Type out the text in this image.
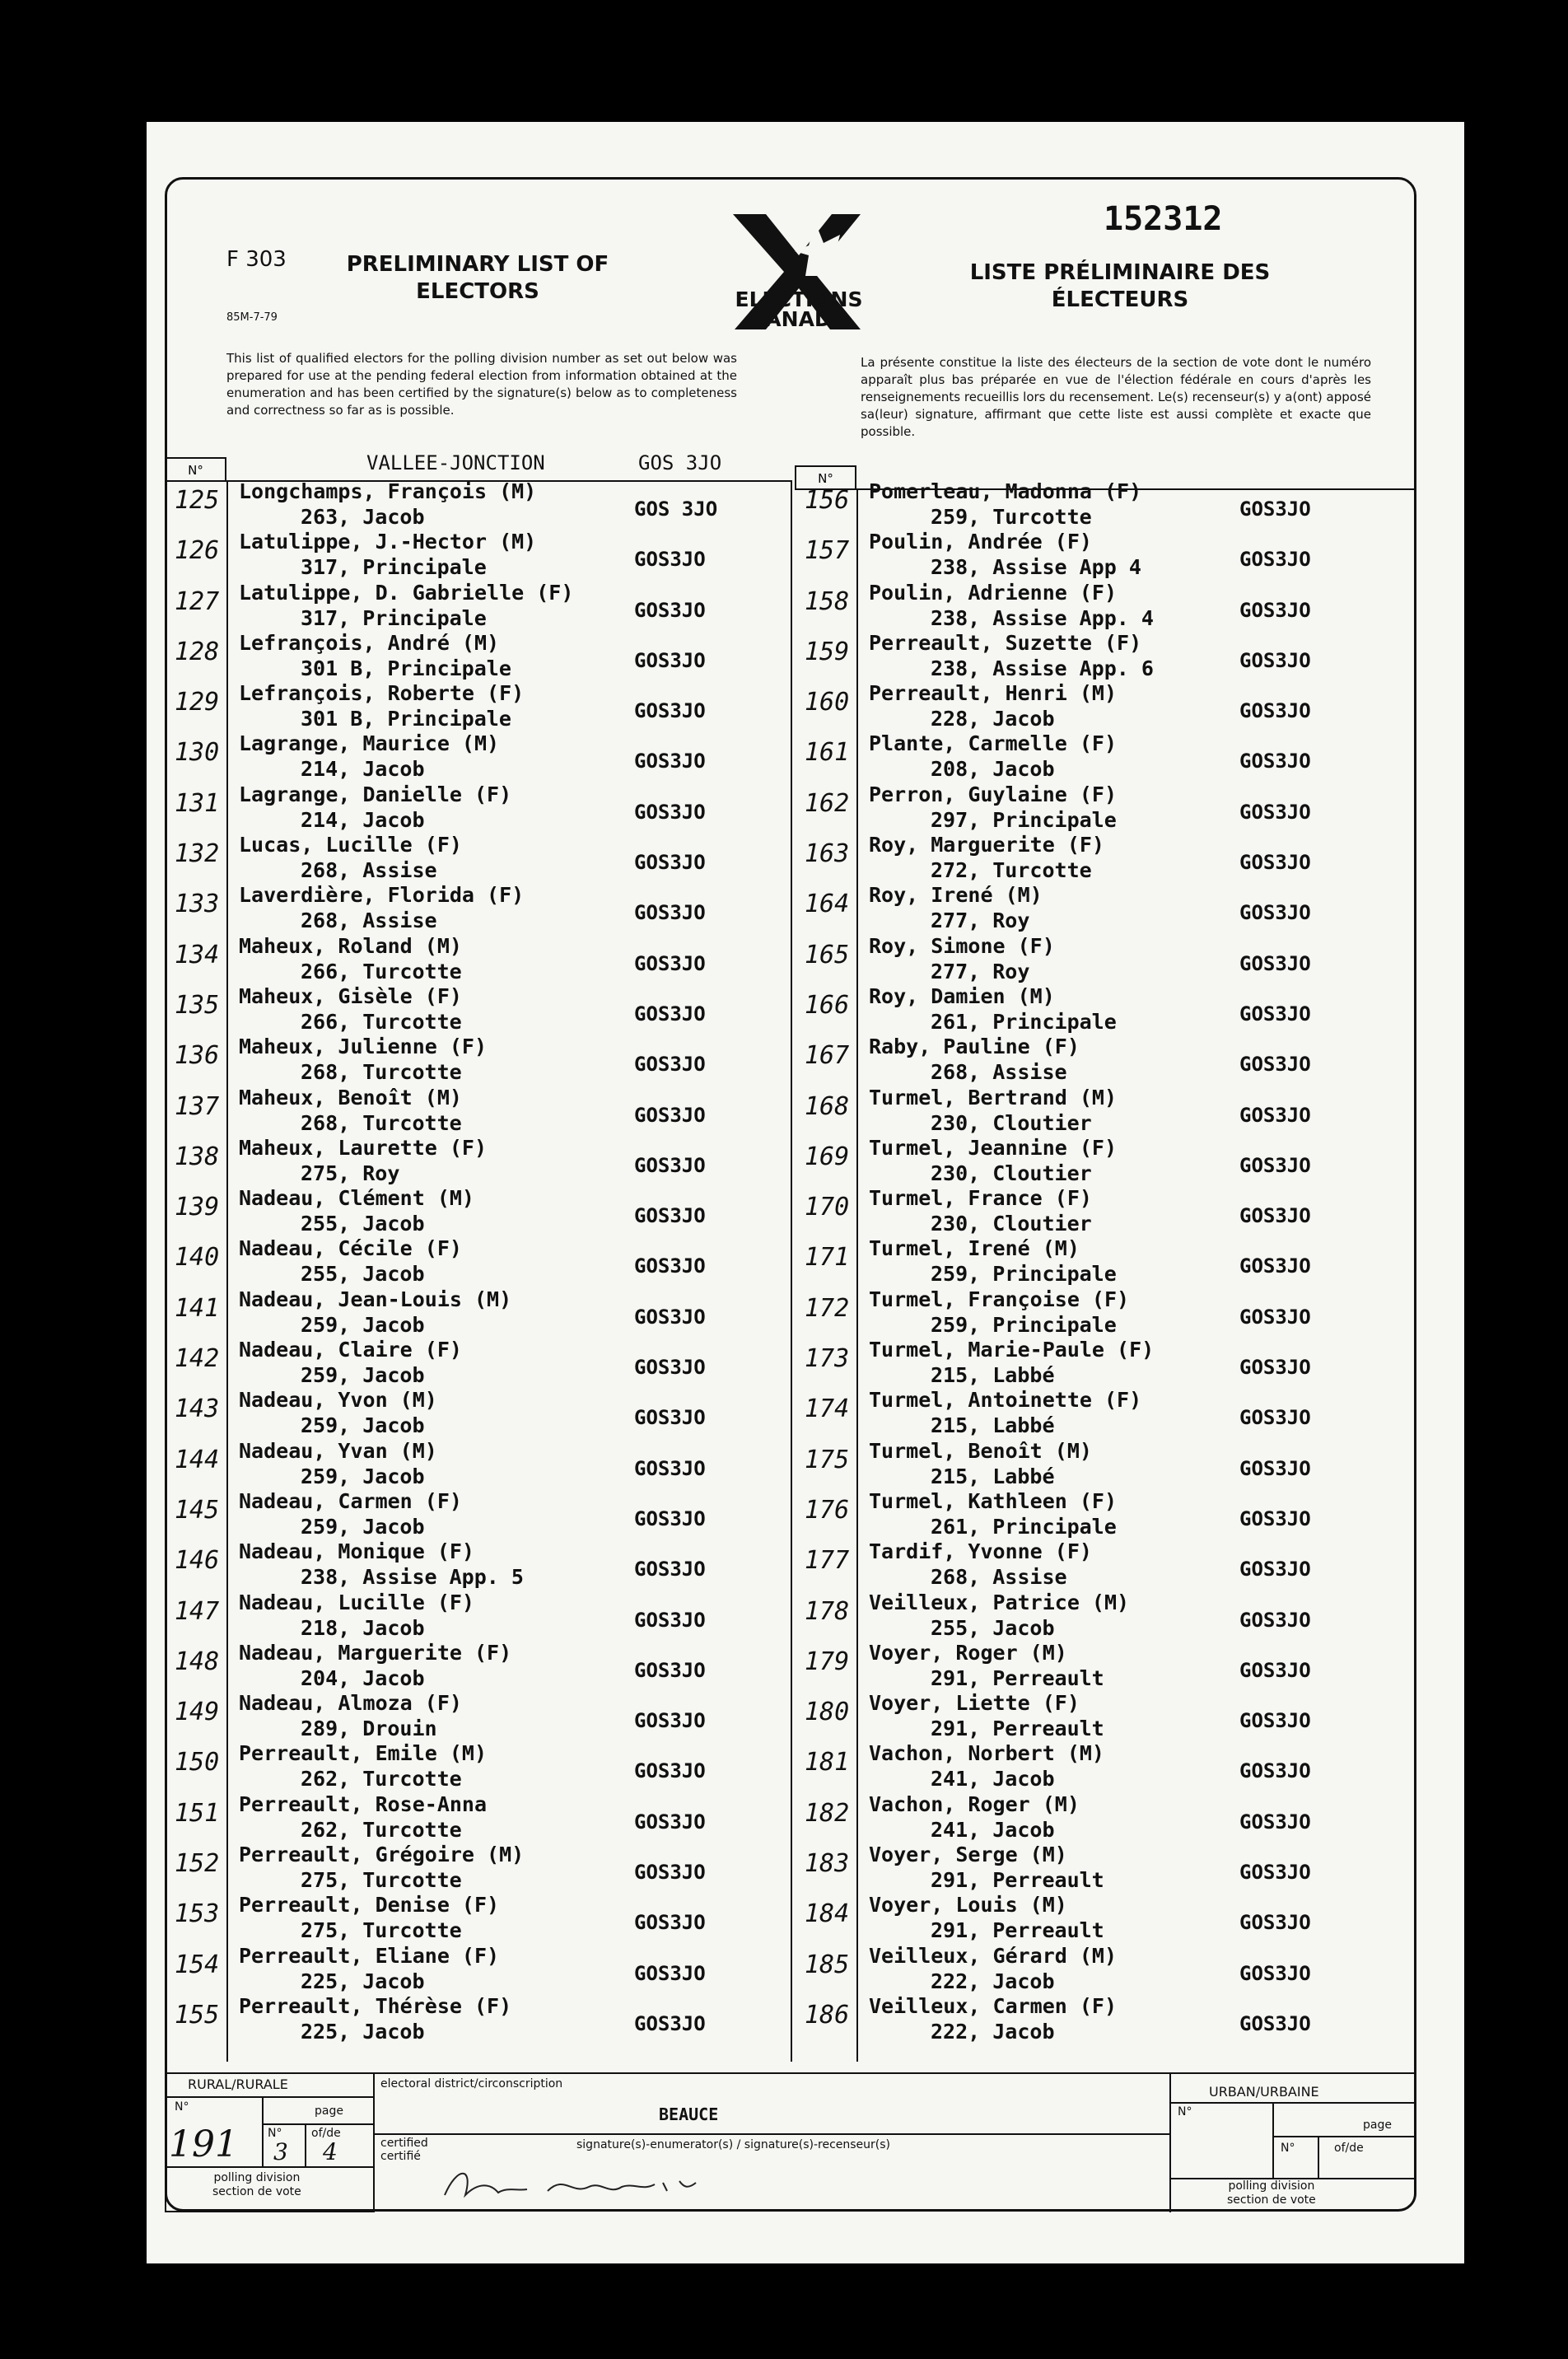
F 303
85M-7-79
PRELIMINARY LIST OF ELECTORS
LISTE PRÉLIMINAIRE DES ÉLECTEURS
152312
ELECTIONS CANADA
This list of qualified electors for the polling division number as set out below was prepared for use at the pending federal election from information obtained at the enumeration and has been certified by the signature(s) below as to completeness and correctness so far as is possible.
La présente constitue la liste des électeurs de la section de vote dont le numéro apparaît plus bas préparée en vue de l'élection fédérale en cours d'après les renseignements recueillis lors du recensement. Le(s) recenseur(s) y a(ont) apposé sa(leur) signature, affirmant que cette liste est aussi complète et exacte que possible.
VALLEE-JONCTION	GOS 3JO
N°
N°
125 Longchamps, François (M)
263, Jacob	GOS 3JO
126 Latulippe, J.-Hector (M)
317, Principale	GOS3JO
127 Latulippe, D. Gabrielle (F)
317, Principale	GOS3JO
128 Lefrançois, André (M)
301 B, Principale	GOS3JO
129 Lefrançois, Roberte (F)
301 B, Principale	GOS3JO
130 Lagrange, Maurice (M)
214, Jacob	GOS3JO
131 Lagrange, Danielle (F)
214, Jacob	GOS3JO
132 Lucas, Lucille (F)
268, Assise	GOS3JO
133 Laverdière, Florida (F)
268, Assise	GOS3JO
134 Maheux, Roland (M)
266, Turcotte	GOS3JO
135 Maheux, Gisèle (F)
266, Turcotte	GOS3JO
136 Maheux, Julienne (F)
268, Turcotte	GOS3JO
137 Maheux, Benoît (M)
268, Turcotte	GOS3JO
138 Maheux, Laurette (F)
275, Roy	GOS3JO
139 Nadeau, Clément (M)
255, Jacob	GOS3JO
140 Nadeau, Cécile (F)
255, Jacob	GOS3JO
141 Nadeau, Jean-Louis (M)
259, Jacob	GOS3JO
142 Nadeau, Claire (F)
259, Jacob	GOS3JO
143 Nadeau, Yvon (M)
259, Jacob	GOS3JO
144 Nadeau, Yvan (M)
259, Jacob	GOS3JO
145 Nadeau, Carmen (F)
259, Jacob	GOS3JO
146 Nadeau, Monique (F)
238, Assise App. 5	GOS3JO
147 Nadeau, Lucille (F)
218, Jacob	GOS3JO
148 Nadeau, Marguerite (F)
204, Jacob	GOS3JO
149 Nadeau, Almoza (F)
289, Drouin	GOS3JO
150 Perreault, Emile (M)
262, Turcotte	GOS3JO
151 Perreault, Rose-Anna
262, Turcotte	GOS3JO
152 Perreault, Grégoire (M)
275, Turcotte	GOS3JO
153 Perreault, Denise (F)
275, Turcotte	GOS3JO
154 Perreault, Eliane (F)
225, Jacob	GOS3JO
155 Perreault, Thérèse (F)
225, Jacob	GOS3JO
156 Pomerleau, Madonna (F)
259, Turcotte	GOS3JO
157 Poulin, Andrée (F)
238, Assise App 4	GOS3JO
158 Poulin, Adrienne (F)
238, Assise App. 4	GOS3JO
159 Perreault, Suzette (F)
238, Assise App. 6	GOS3JO
160 Perreault, Henri (M)
228, Jacob	GOS3JO
161 Plante, Carmelle (F)
208, Jacob	GOS3JO
162 Perron, Guylaine (F)
297, Principale	GOS3JO
163 Roy, Marguerite (F)
272, Turcotte	GOS3JO
164 Roy, Irené (M)
277, Roy	GOS3JO
165 Roy, Simone (F)
277, Roy	GOS3JO
166 Roy, Damien (M)
261, Principale	GOS3JO
167 Raby, Pauline (F)
268, Assise	GOS3JO
168 Turmel, Bertrand (M)
230, Cloutier	GOS3JO
169 Turmel, Jeannine (F)
230, Cloutier	GOS3JO
170 Turmel, France (F)
230, Cloutier	GOS3JO
171 Turmel, Irené (M)
259, Principale	GOS3JO
172 Turmel, Françoise (F)
259, Principale	GOS3JO
173 Turmel, Marie-Paule (F)
215, Labbé	GOS3JO
174 Turmel, Antoinette (F)
215, Labbé	GOS3JO
175 Turmel, Benoît (M)
215, Labbé	GOS3JO
176 Turmel, Kathleen (F)
261, Principale	GOS3JO
177 Tardif, Yvonne (F)
268, Assise	GOS3JO
178 Veilleux, Patrice (M)
255, Jacob	GOS3JO
179 Voyer, Roger (M)
291, Perreault	GOS3JO
180 Voyer, Liette (F)
291, Perreault	GOS3JO
181 Vachon, Norbert (M)
241, Jacob	GOS3JO
182 Vachon, Roger (M)
241, Jacob	GOS3JO
183 Voyer, Serge (M)
291, Perreault	GOS3JO
184 Voyer, Louis (M)
291, Perreault	GOS3JO
185 Veilleux, Gérard (M)
222, Jacob	GOS3JO
186 Veilleux, Carmen (F)
222, Jacob	GOS3JO
RURAL/RURALE
N°	page
N°	of/de
191 3 4
polling division
section de vote
electoral district/circonscription
BEAUCE
certified
certifié
signature(s)-enumerator(s) / signature(s)-recenseur(s)
URBAN/URBAINE
N°
page
N°	of/de
polling division
section de vote
